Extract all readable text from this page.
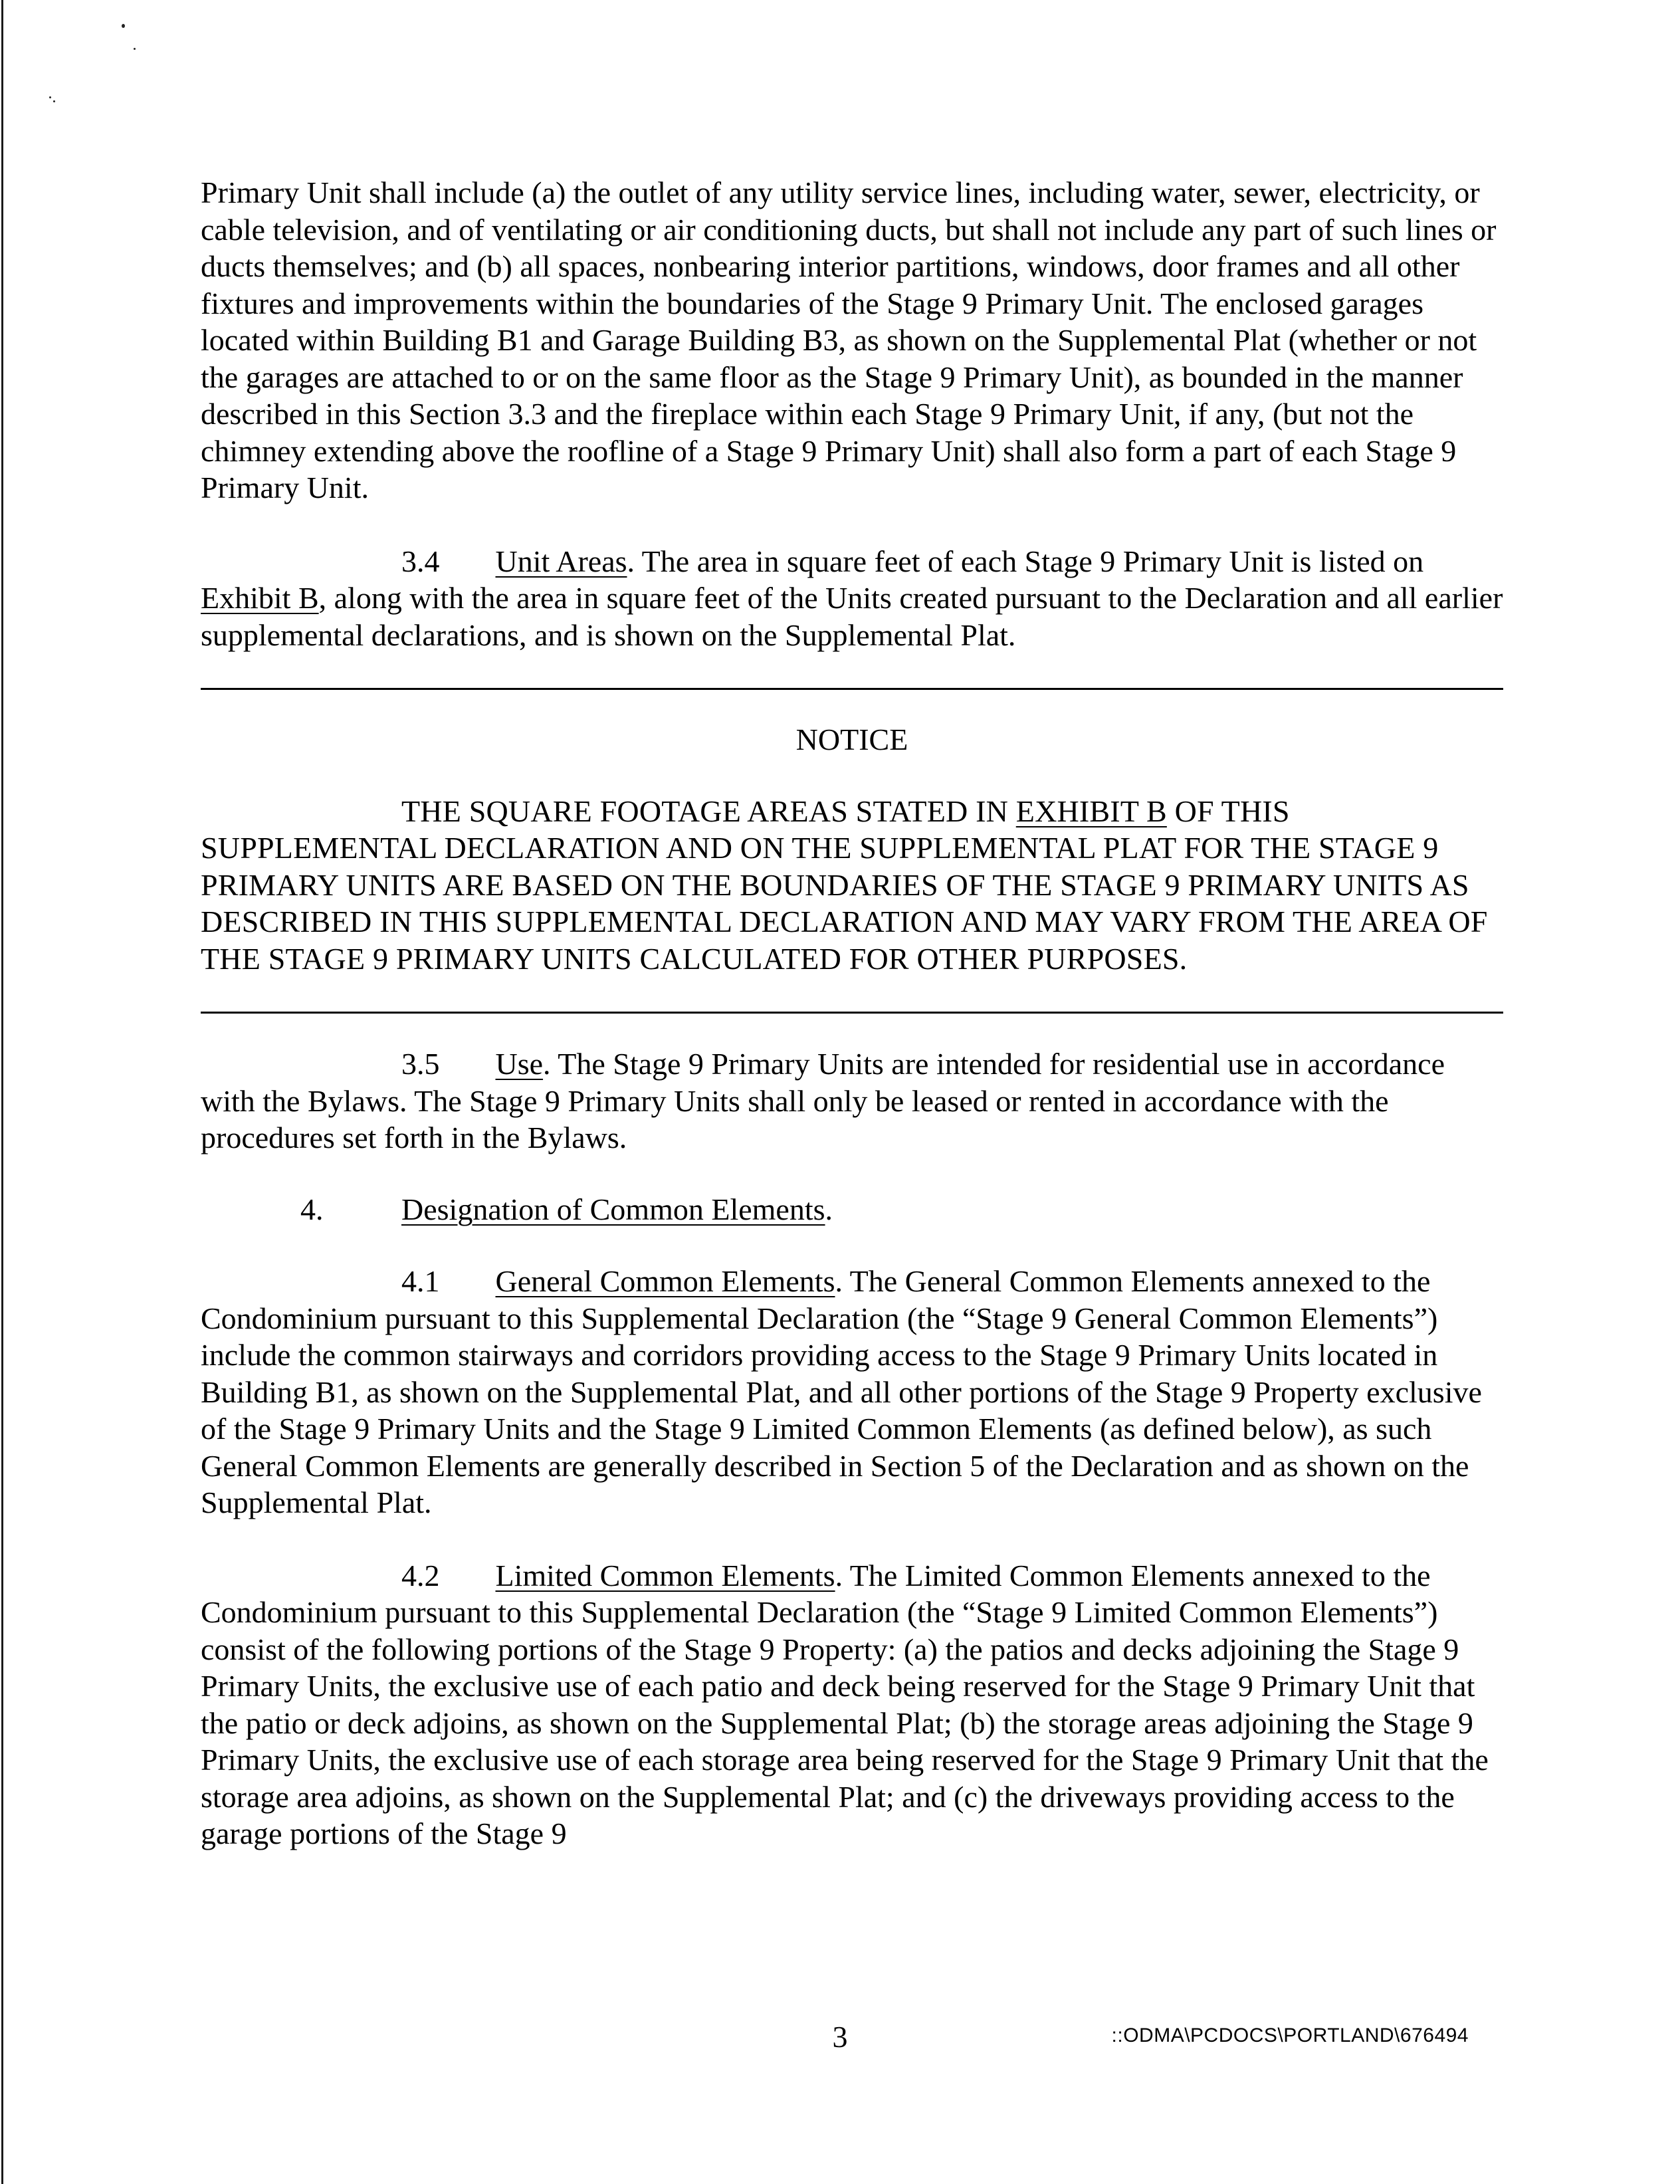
Primary Unit shall include (a) the outlet of any utility service lines, including water, sewer, electricity, or cable television, and of ventilating or air conditioning ducts, but shall not include any part of such lines or ducts themselves; and (b) all spaces, nonbearing interior partitions, windows, door frames and all other fixtures and improvements within the boundaries of the Stage 9 Primary Unit. The enclosed garages located within Building B1 and Garage Building B3, as shown on the Supplemental Plat (whether or not the garages are attached to or on the same floor as the Stage 9 Primary Unit), as bounded in the manner described in this Section 3.3 and the fireplace within each Stage 9 Primary Unit, if any, (but not the chimney extending above the roofline of a Stage 9 Primary Unit) shall also form a part of each Stage 9 Primary Unit.

3.4 Unit Areas. The area in square feet of each Stage 9 Primary Unit is listed on Exhibit B, along with the area in square feet of the Units created pursuant to the Declaration and all earlier supplemental declarations, and is shown on the Supplemental Plat.

NOTICE

THE SQUARE FOOTAGE AREAS STATED IN EXHIBIT B OF THIS SUPPLEMENTAL DECLARATION AND ON THE SUPPLEMENTAL PLAT FOR THE STAGE 9 PRIMARY UNITS ARE BASED ON THE BOUNDARIES OF THE STAGE 9 PRIMARY UNITS AS DESCRIBED IN THIS SUPPLEMENTAL DECLARATION AND MAY VARY FROM THE AREA OF THE STAGE 9 PRIMARY UNITS CALCULATED FOR OTHER PURPOSES.

3.5 Use. The Stage 9 Primary Units are intended for residential use in accordance with the Bylaws. The Stage 9 Primary Units shall only be leased or rented in accordance with the procedures set forth in the Bylaws.

4.	Designation of Common Elements.

4.1 General Common Elements. The General Common Elements annexed to the Condominium pursuant to this Supplemental Declaration (the “Stage 9 General Common Elements”) include the common stairways and corridors providing access to the Stage 9 Primary Units located in Building B1, as shown on the Supplemental Plat, and all other portions of the Stage 9 Property exclusive of the Stage 9 Primary Units and the Stage 9 Limited Common Elements (as defined below), as such General Common Elements are generally described in Section 5 of the Declaration and as shown on the Supplemental Plat.

4.2 Limited Common Elements. The Limited Common Elements annexed to the Condominium pursuant to this Supplemental Declaration (the “Stage 9 Limited Common Elements”) consist of the following portions of the Stage 9 Property: (a) the patios and decks adjoining the Stage 9 Primary Units, the exclusive use of each patio and deck being reserved for the Stage 9 Primary Unit that the patio or deck adjoins, as shown on the Supplemental Plat; (b) the storage areas adjoining the Stage 9 Primary Units, the exclusive use of each storage area being reserved for the Stage 9 Primary Unit that the storage area adjoins, as shown on the Supplemental Plat; and (c) the driveways providing access to the garage portions of the Stage 9

3	::ODMA\PCDOCS\PORTLAND\676494
